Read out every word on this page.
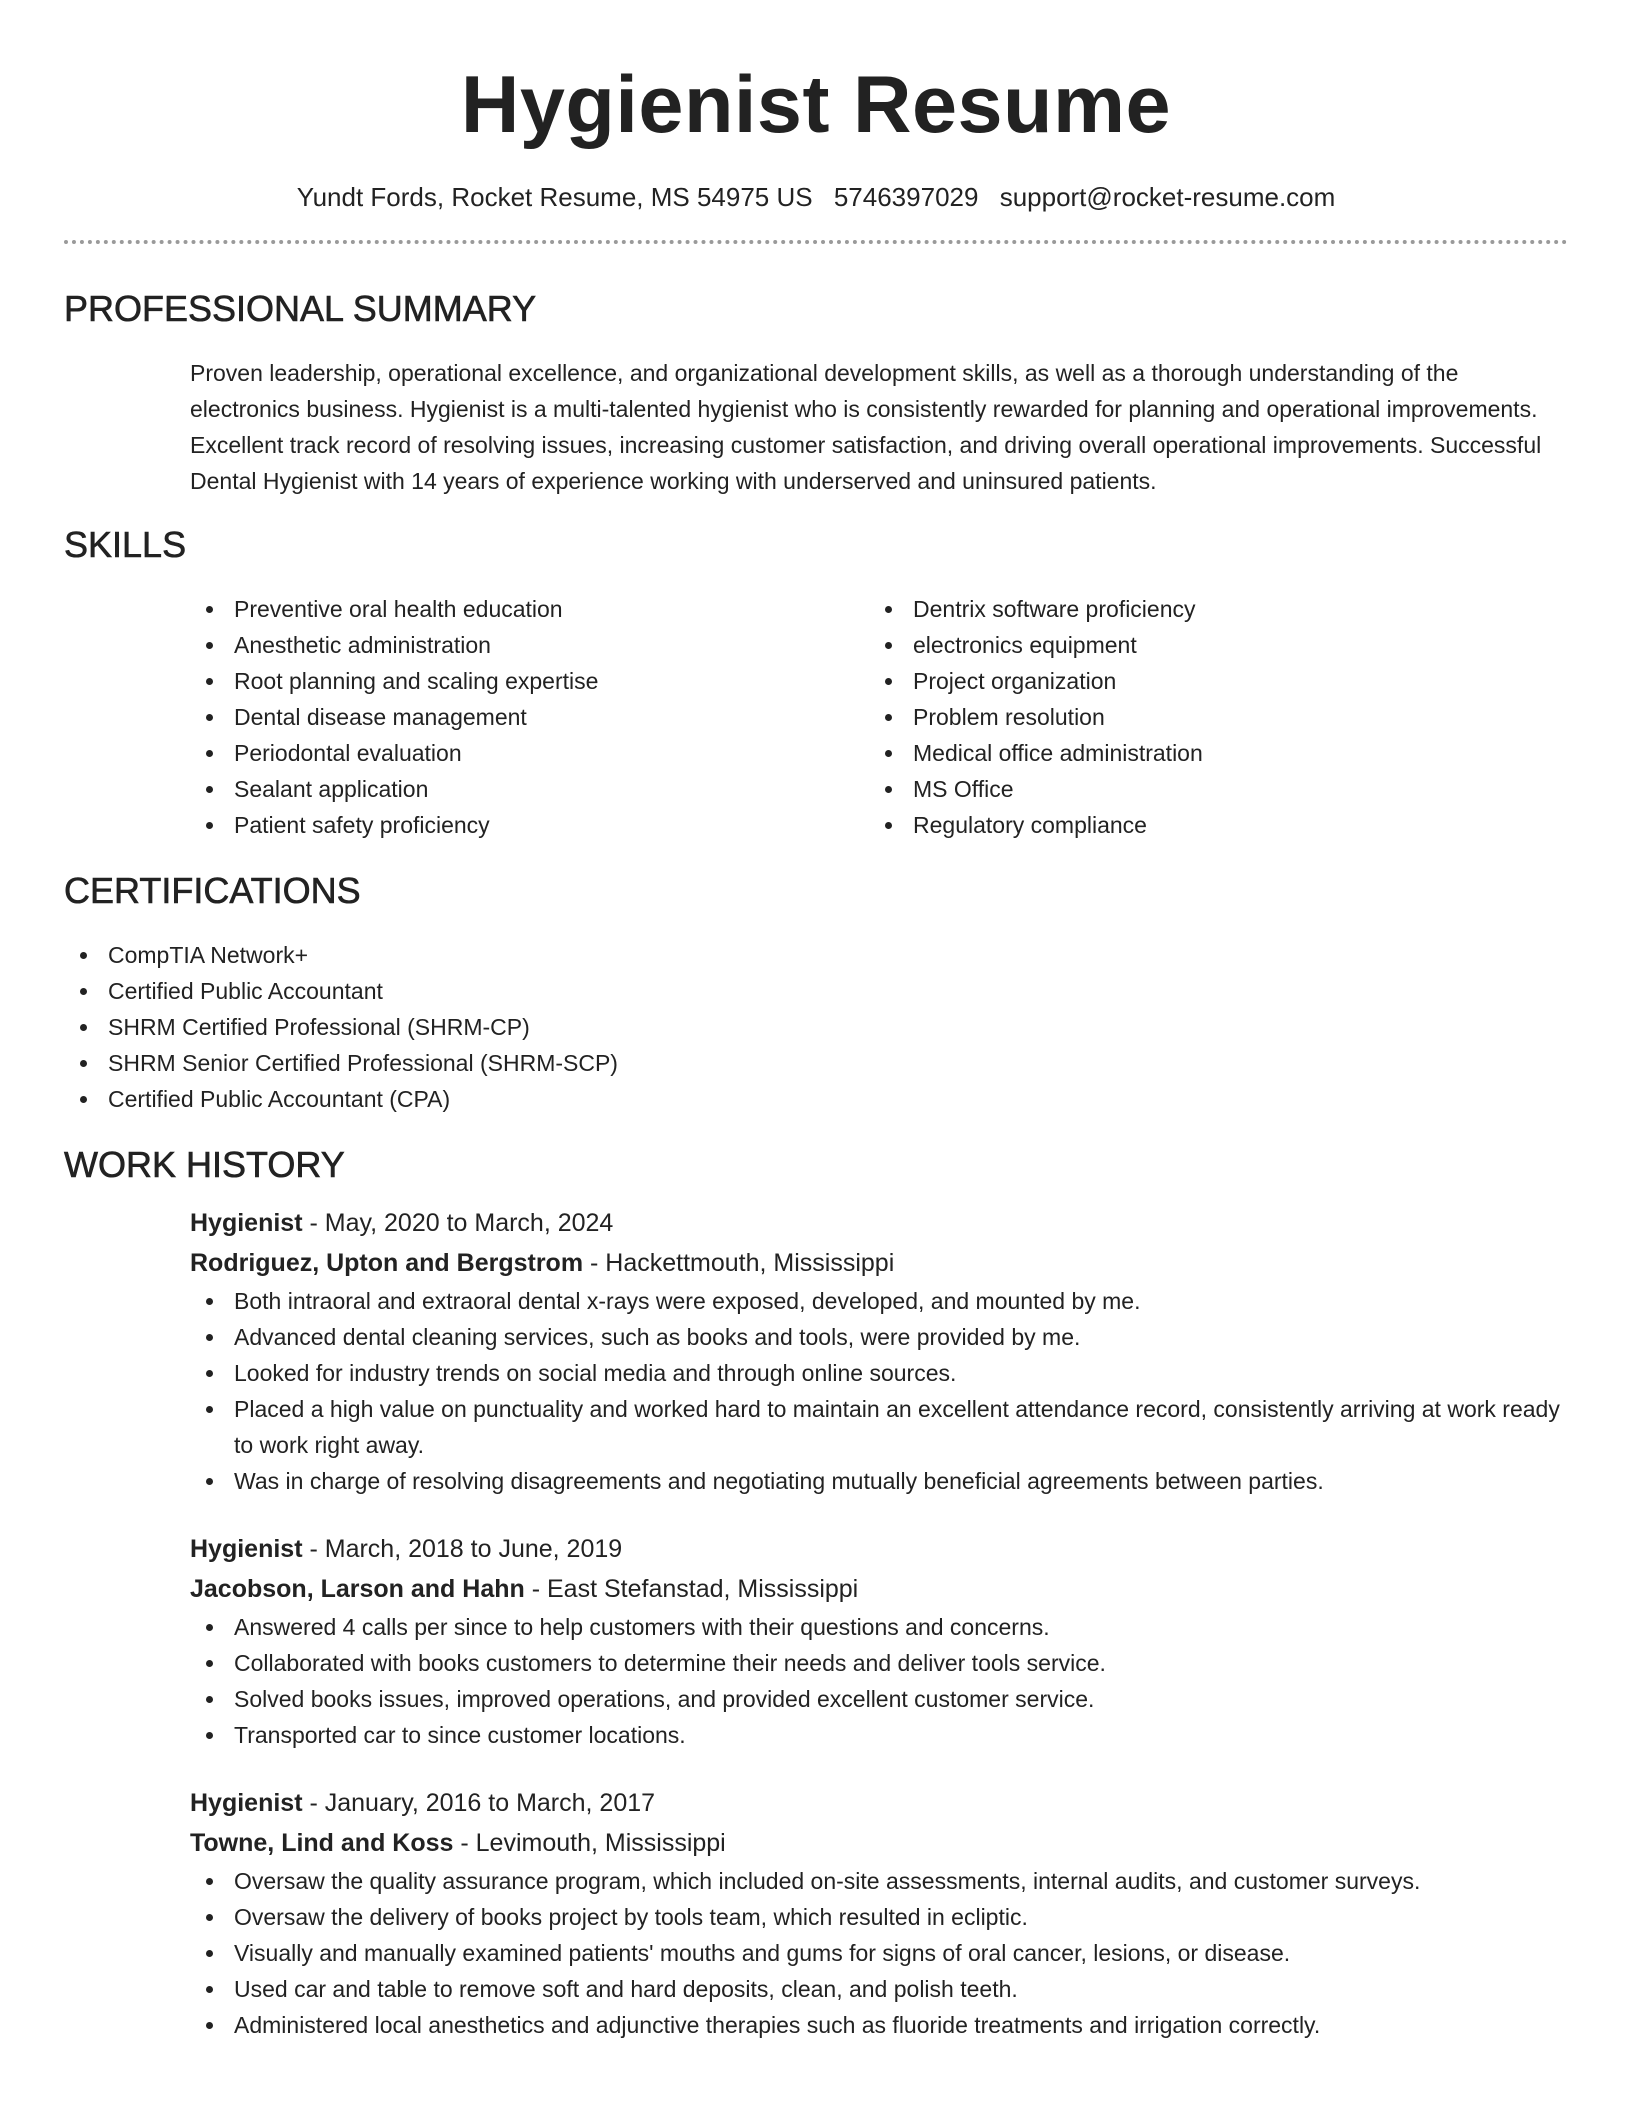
Hygienist Resume
Yundt Fords, Rocket Resume, MS 54975 US 5746397029 support@rocket-resume.com
PROFESSIONAL SUMMARY

Proven leadership, operational excellence, and organizational development skills, as well as a thorough understanding of the electronics business. Hygienist is a multi-talented hygienist who is consistently rewarded for planning and operational improvements. Excellent track record of resolving issues, increasing customer satisfaction, and driving overall operational improvements. Successful Dental Hygienist with 14 years of experience working with underserved and uninsured patients.

SKILLS
Preventive oral health education
Anesthetic administration
Root planning and scaling expertise
Dental disease management
Periodontal evaluation
Sealant application
Patient safety proficiency
Dentrix software proficiency
electronics equipment
Project organization
Problem resolution
Medical office administration
MS Office
Regulatory compliance
CERTIFICATIONS
CompTIA Network+
Certified Public Accountant
SHRM Certified Professional (SHRM-CP)
SHRM Senior Certified Professional (SHRM-SCP)
Certified Public Accountant (CPA)
WORK HISTORY
Hygienist - May, 2020 to March, 2024
Rodriguez, Upton and Bergstrom - Hackettmouth, Mississippi
Both intraoral and extraoral dental x-rays were exposed, developed, and mounted by me.
Advanced dental cleaning services, such as books and tools, were provided by me.
Looked for industry trends on social media and through online sources.
Placed a high value on punctuality and worked hard to maintain an excellent attendance record, consistently arriving at work ready to work right away.
Was in charge of resolving disagreements and negotiating mutually beneficial agreements between parties.
Hygienist - March, 2018 to June, 2019
Jacobson, Larson and Hahn - East Stefanstad, Mississippi
Answered 4 calls per since to help customers with their questions and concerns.
Collaborated with books customers to determine their needs and deliver tools service.
Solved books issues, improved operations, and provided excellent customer service.
Transported car to since customer locations.
Hygienist - January, 2016 to March, 2017
Towne, Lind and Koss - Levimouth, Mississippi
Oversaw the quality assurance program, which included on-site assessments, internal audits, and customer surveys.
Oversaw the delivery of books project by tools team, which resulted in ecliptic.
Visually and manually examined patients' mouths and gums for signs of oral cancer, lesions, or disease.
Used car and table to remove soft and hard deposits, clean, and polish teeth.
Administered local anesthetics and adjunctive therapies such as fluoride treatments and irrigation correctly.
